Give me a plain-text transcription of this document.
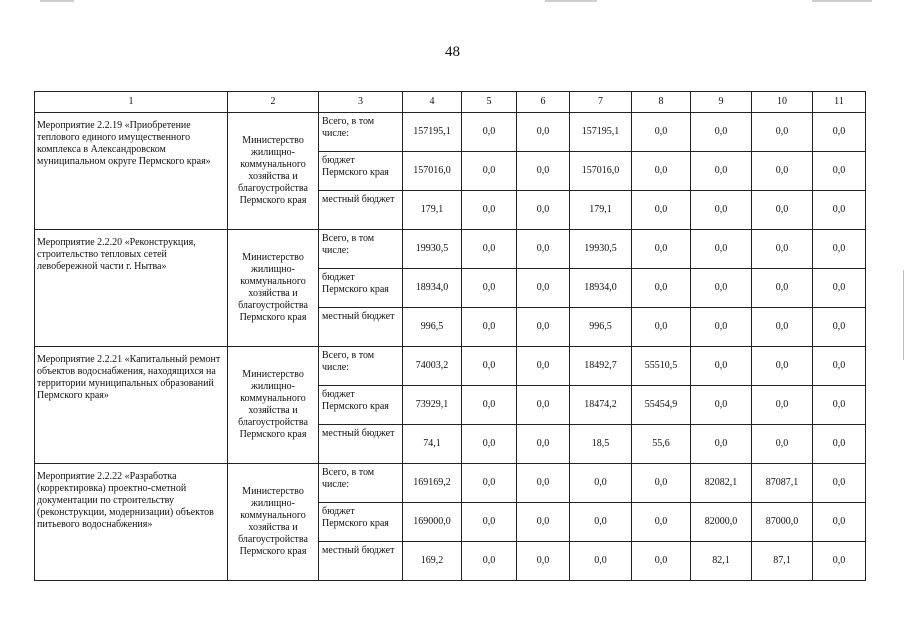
48
1	2	3	4	5	6	7	8	9	10	11
Мероприятие 2.2.19 «Приобретение теплового единого имущественного комплекса в Александровском муниципальном округе Пермского края»	Министерство жилищно-коммунального хозяйства и благоустройства Пермского края	Всего, в том числе:	157195,1	0,0	0,0	157195,1	0,0	0,0	0,0	0,0
		бюджет Пермского края	157016,0	0,0	0,0	157016,0	0,0	0,0	0,0	0,0
		местный бюджет	179,1	0,0	0,0	179,1	0,0	0,0	0,0	0,0
Мероприятие 2.2.20 «Реконструкция, строительство тепловых сетей левобережной части г. Нытва»	Министерство жилищно-коммунального хозяйства и благоустройства Пермского края	Всего, в том числе:	19930,5	0,0	0,0	19930,5	0,0	0,0	0,0	0,0
		бюджет Пермского края	18934,0	0,0	0,0	18934,0	0,0	0,0	0,0	0,0
		местный бюджет	996,5	0,0	0,0	996,5	0,0	0,0	0,0	0,0
Мероприятие 2.2.21 «Капитальный ремонт объектов водоснабжения, находящихся на территории муниципальных образований Пермского края»	Министерство жилищно-коммунального хозяйства и благоустройства Пермского края	Всего, в том числе:	74003,2	0,0	0,0	18492,7	55510,5	0,0	0,0	0,0
		бюджет Пермского края	73929,1	0,0	0,0	18474,2	55454,9	0,0	0,0	0,0
		местный бюджет	74,1	0,0	0,0	18,5	55,6	0,0	0,0	0,0
Мероприятие 2.2.22 «Разработка (корректировка) проектно-сметной документации по строительству (реконструкции, модернизации) объектов питьевого водоснабжения»	Министерство жилищно-коммунального хозяйства и благоустройства Пермского края	Всего, в том числе:	169169,2	0,0	0,0	0,0	0,0	82082,1	87087,1	0,0
		бюджет Пермского края	169000,0	0,0	0,0	0,0	0,0	82000,0	87000,0	0,0
		местный бюджет	169,2	0,0	0,0	0,0	0,0	82,1	87,1	0,0
